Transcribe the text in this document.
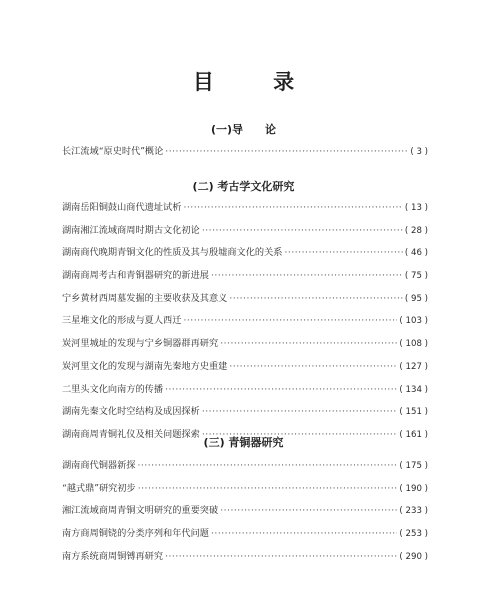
目 录
(一)导　　论
长江流域“原史时代”概论 ·····	( 3 )
(二) 考古学文化研究
湖南岳阳铜鼓山商代遗址试析 ·····	( 13 )
湖南湘江流域商周时期古文化初论 ·····	( 28 )
湖南商代晚期青铜文化的性质及其与殷墟商文化的关系 ·····	( 46 )
湖南商周考古和青铜器研究的新进展 ·····	( 75 )
宁乡黄材西周墓发掘的主要收获及其意义 ·····	( 95 )
三星堆文化的形成与夏人西迁 ·····	( 103 )
炭河里城址的发现与宁乡铜器群再研究 ·····	( 108 )
炭河里文化的发现与湖南先秦地方史重建 ·····	( 127 )
二里头文化向南方的传播 ·····	( 134 )
湖南先秦文化时空结构及成因探析 ·····	( 151 )
湖南商周青铜礼仪及相关问题探索 ·····	( 161 )
(三) 青铜器研究
湖南商代铜器新探 ·····	( 175 )
“越式鼎”研究初步 ·····	( 190 )
湘江流域商周青铜文明研究的重要突破 ·····	( 233 )
南方商周铜铙的分类序列和年代问题 ·····	( 253 )
南方系统商周铜镈再研究 ·····	( 290 )
